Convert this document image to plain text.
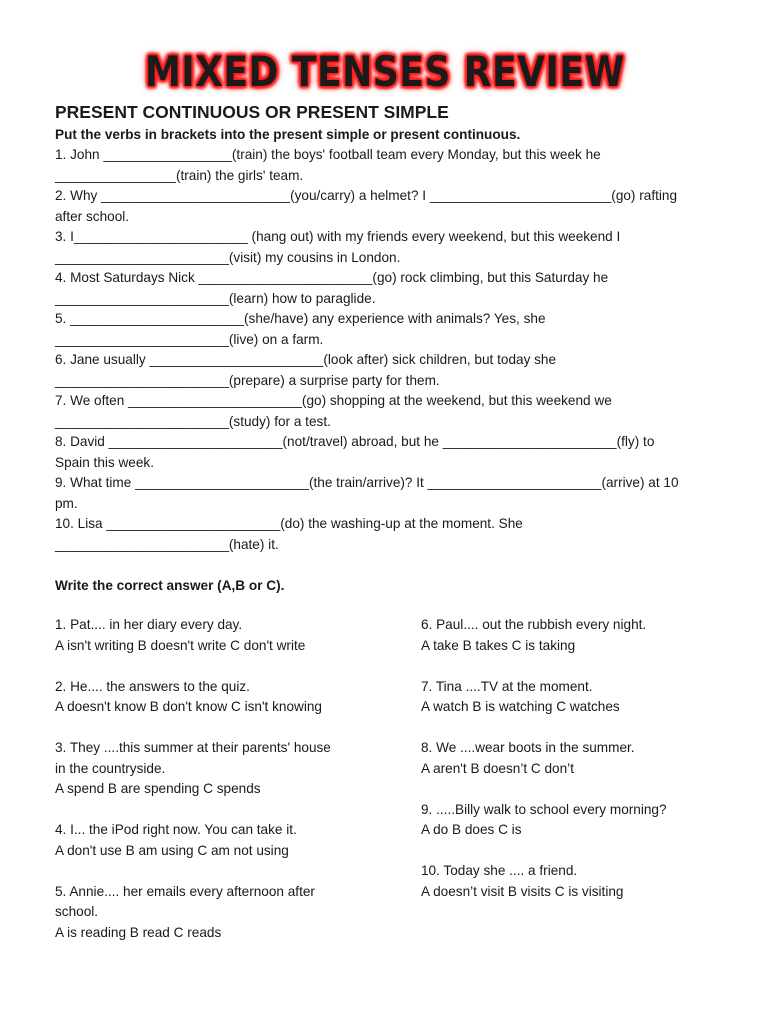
MIXED TENSES REVIEW
PRESENT CONTINUOUS OR PRESENT SIMPLE
Put the verbs in brackets into the present simple or present continuous.
1. John _________________(train) the boys' football team every Monday, but this week he
________________(train) the girls' team.
2. Why _________________________(you/carry) a helmet? I ________________________(go) rafting
after school.
3. I_______________________ (hang out) with my friends every weekend, but this weekend I
_______________________(visit) my cousins in London.
4. Most Saturdays Nick _______________________(go) rock climbing, but this Saturday he
_______________________(learn) how to paraglide.
5. _______________________(she/have) any experience with animals? Yes, she
_______________________(live) on a farm.
6. Jane usually _______________________(look after) sick children, but today she
_______________________(prepare) a surprise party for them.
7. We often _______________________(go) shopping at the weekend, but this weekend we
_______________________(study) for a test.
8. David _______________________(not/travel) abroad, but he _______________________(fly) to
Spain this week.
9. What time _______________________(the train/arrive)? It _______________________(arrive) at 10
pm.
10. Lisa _______________________(do) the washing-up at the moment. She
_______________________(hate) it.
Write the correct answer (A,B or C).
1. Pat.... in her diary every day.
A isn't writing B doesn't write C don't write
2. He.... the answers to the quiz.
A doesn't know B don't know C isn't knowing
3. They ....this summer at their parents' house
in the countryside.
A spend B are spending C spends
4. I... the iPod right now. You can take it.
A don't use B am using C am not using
5. Annie.... her emails every afternoon after
school.
A is reading B read C reads
6. Paul.... out the rubbish every night.
A take B takes C is taking
7. Tina ....TV at the moment.
A watch B is watching C watches
8. We ....wear boots in the summer.
A aren't B doesn’t C don’t
9. .....Billy walk to school every morning?
A do B does C is
10. Today she .... a friend.
A doesn’t visit B visits C is visiting
